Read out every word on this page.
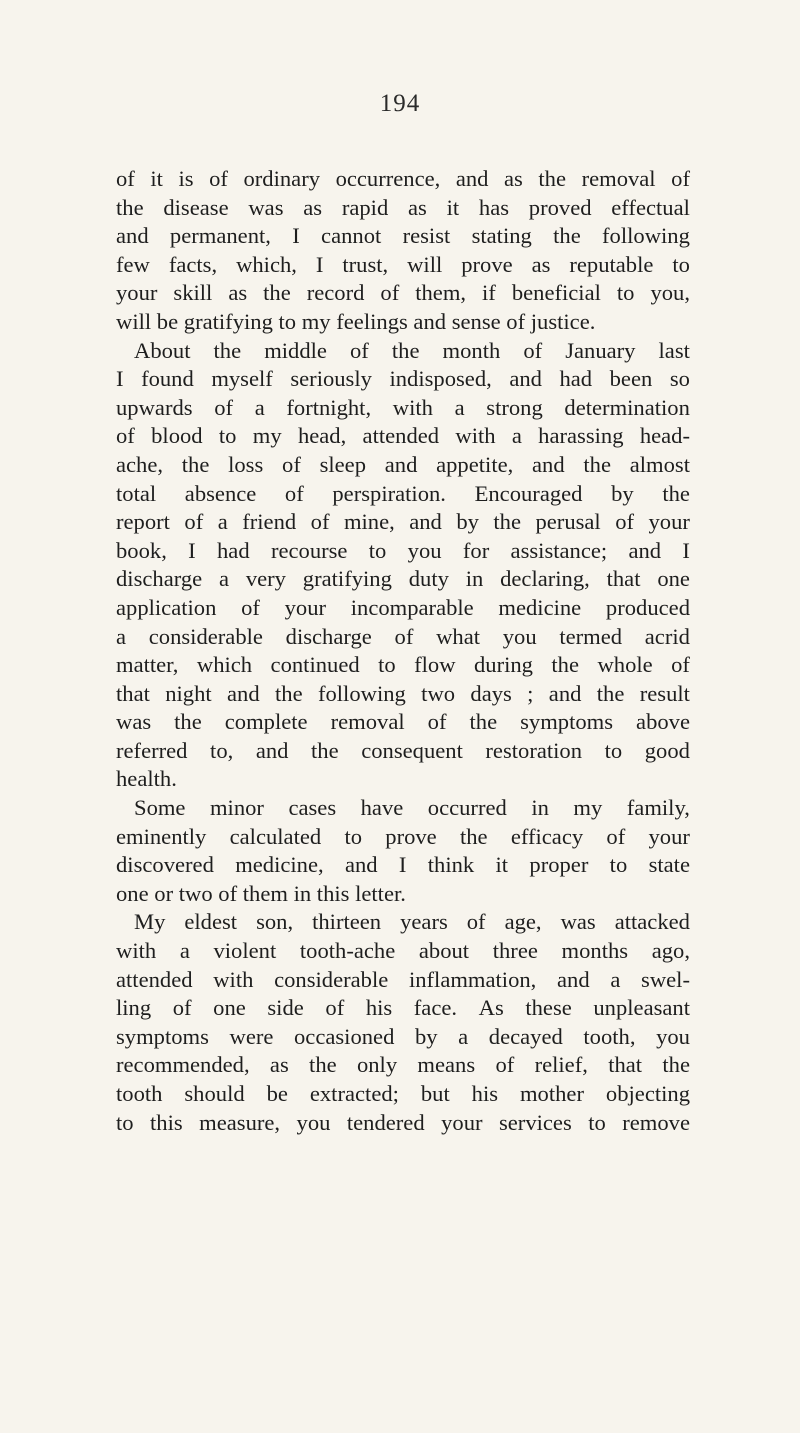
194
of it is of ordinary occurrence, and as the removal of
the disease was as rapid as it has proved effectual
and permanent, I cannot resist stating the following
few facts, which, I trust, will prove as reputable to
your skill as the record of them, if beneficial to you,
will be gratifying to my feelings and sense of justice.
About the middle of the month of January last
I found myself seriously indisposed, and had been so
upwards of a fortnight, with a strong determination
of blood to my head, attended with a harassing head-
ache, the loss of sleep and appetite, and the almost
total absence of perspiration. Encouraged by the
report of a friend of mine, and by the perusal of your
book, I had recourse to you for assistance; and I
discharge a very gratifying duty in declaring, that one
application of your incomparable medicine produced
a considerable discharge of what you termed acrid
matter, which continued to flow during the whole of
that night and the following two days ; and the result
was the complete removal of the symptoms above
referred to, and the consequent restoration to good
health.
Some minor cases have occurred in my family,
eminently calculated to prove the efficacy of your
discovered medicine, and I think it proper to state
one or two of them in this letter.
My eldest son, thirteen years of age, was attacked
with a violent tooth-ache about three months ago,
attended with considerable inflammation, and a swel-
ling of one side of his face. As these unpleasant
symptoms were occasioned by a decayed tooth, you
recommended, as the only means of relief, that the
tooth should be extracted; but his mother objecting
to this measure, you tendered your services to remove
